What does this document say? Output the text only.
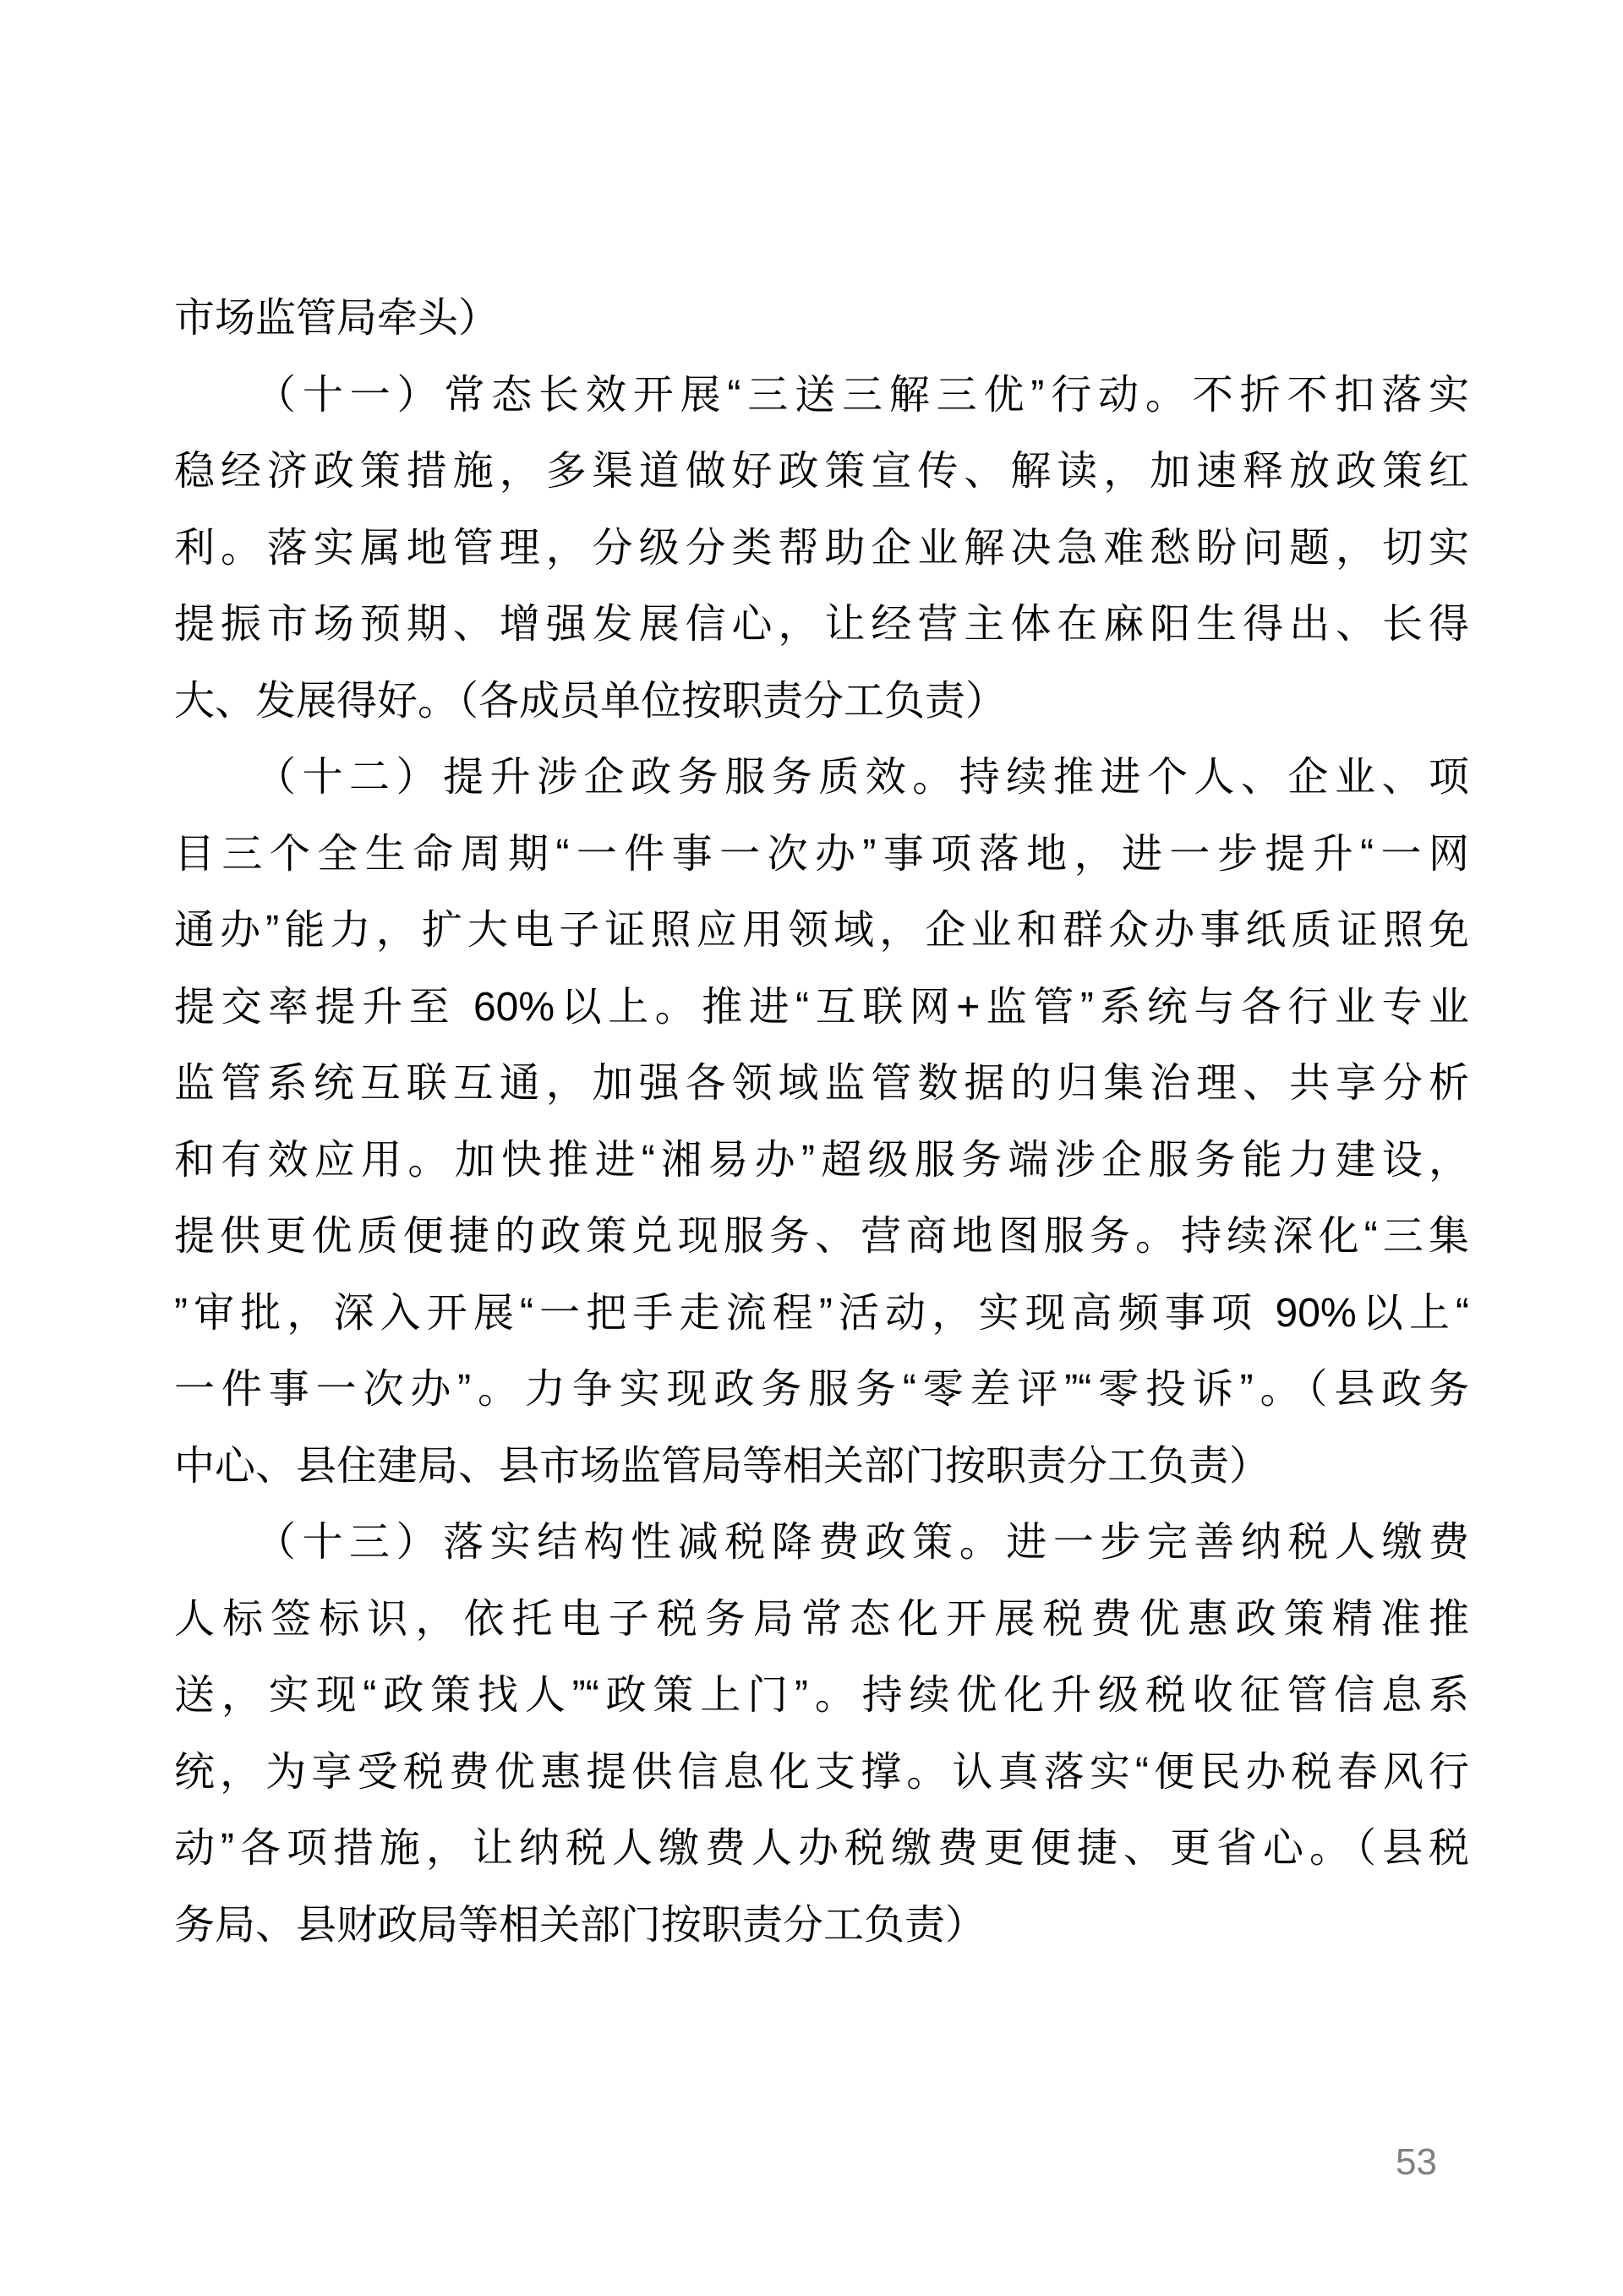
市场监管局牵头）
（十一）常态长效开展“三送三解三优”行动。不折不扣落实
稳经济政策措施，多渠道做好政策宣传、解读，加速释放政策红
利。落实属地管理，分级分类帮助企业解决急难愁盼问题，切实
提振市场预期、增强发展信心，让经营主体在麻阳生得出、长得
大、发展得好。（各成员单位按职责分工负责）
（十二）提升涉企政务服务质效。持续推进个人、企业、项
目三个全生命周期“一件事一次办”事项落地，进一步提升“一网
通办”能力，扩大电子证照应用领域，企业和群众办事纸质证照免
提交率提升至 60%以上。推进“互联网+监管”系统与各行业专业
监管系统互联互通，加强各领域监管数据的归集治理、共享分析
和有效应用。加快推进“湘易办”超级服务端涉企服务能力建设，
提供更优质便捷的政策兑现服务、营商地图服务。持续深化“三集
”审批，深入开展“一把手走流程”活动，实现高频事项 90%以上“
一件事一次办”。力争实现政务服务“零差评”“零投诉”。（县政务
中心、县住建局、县市场监管局等相关部门按职责分工负责）
（十三）落实结构性减税降费政策。进一步完善纳税人缴费
人标签标识，依托电子税务局常态化开展税费优惠政策精准推
送，实现“政策找人”“政策上门”。持续优化升级税收征管信息系
统，为享受税费优惠提供信息化支撑。认真落实“便民办税春风行
动”各项措施，让纳税人缴费人办税缴费更便捷、更省心。（县税
务局、县财政局等相关部门按职责分工负责）
53
